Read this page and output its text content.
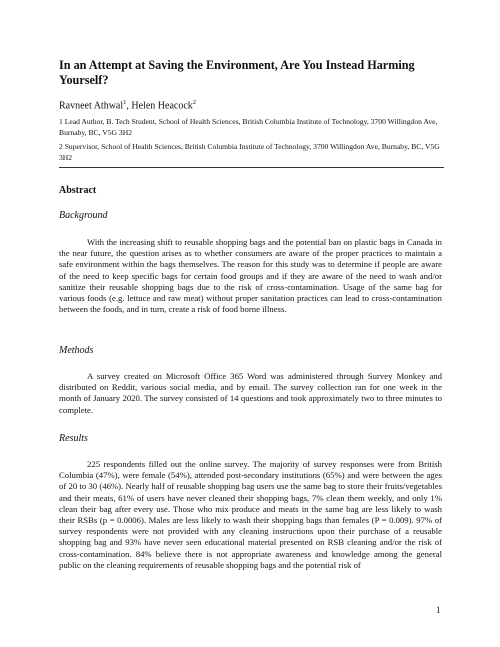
In an Attempt at Saving the Environment, Are You Instead Harming Yourself?
Ravneet Athwal$^1$, Helen Heacock$^2$
1 Lead Author, B. Tech Student, School of Health Sciences, British Columbia Institute of Technology, 3700 Willingdon Ave, Burnaby, BC, V5G 3H2
2 Supervisor, School of Health Sciences, British Columbia Institute of Technology, 3700 Willingdon Ave, Burnaby, BC, V5G 3H2
Abstract
Background

With the increasing shift to reusable shopping bags and the potential ban on plastic bags in Canada in the near future, the question arises as to whether consumers are aware of the proper practices to maintain a safe environment within the bags themselves. The reason for this study was to determine if people are aware of the need to keep specific bags for certain food groups and if they are aware of the need to wash and/or sanitize their reusable shopping bags due to the risk of cross-contamination. Usage of the same bag for various foods (e.g. lettuce and raw meat) without proper sanitation practices can lead to cross-contamination between the foods, and in turn, create a risk of food borne illness.

Methods

A survey created on Microsoft Office 365 Word was administered through Survey Monkey and distributed on Reddit, various social media, and by email. The survey collection ran for one week in the month of January 2020. The survey consisted of 14 questions and took approximately two to three minutes to complete.

Results

225 respondents filled out the online survey. The majority of survey responses were from British Columbia (47%), were female (54%), attended post-secondary institutions (65%) and were between the ages of 20 to 30 (46%). Nearly half of reusable shopping bag users use the same bag to store their fruits/vegetables and their meats, 61% of users have never cleaned their shopping bags, 7% clean them weekly, and only 1% clean their bag after every use. Those who mix produce and meats in the same bag are less likely to wash their RSBs (p = 0.0006). Males are less likely to wash their shopping bags than females (P = 0.009). 97% of survey respondents were not provided with any cleaning instructions upon their purchase of a reusable shopping bag and 93% have never seen educational material presented on RSB cleaning and/or the risk of cross-contamination. 84% believe there is not appropriate awareness and knowledge among the general public on the cleaning requirements of reusable shopping bags and the potential risk of

1
